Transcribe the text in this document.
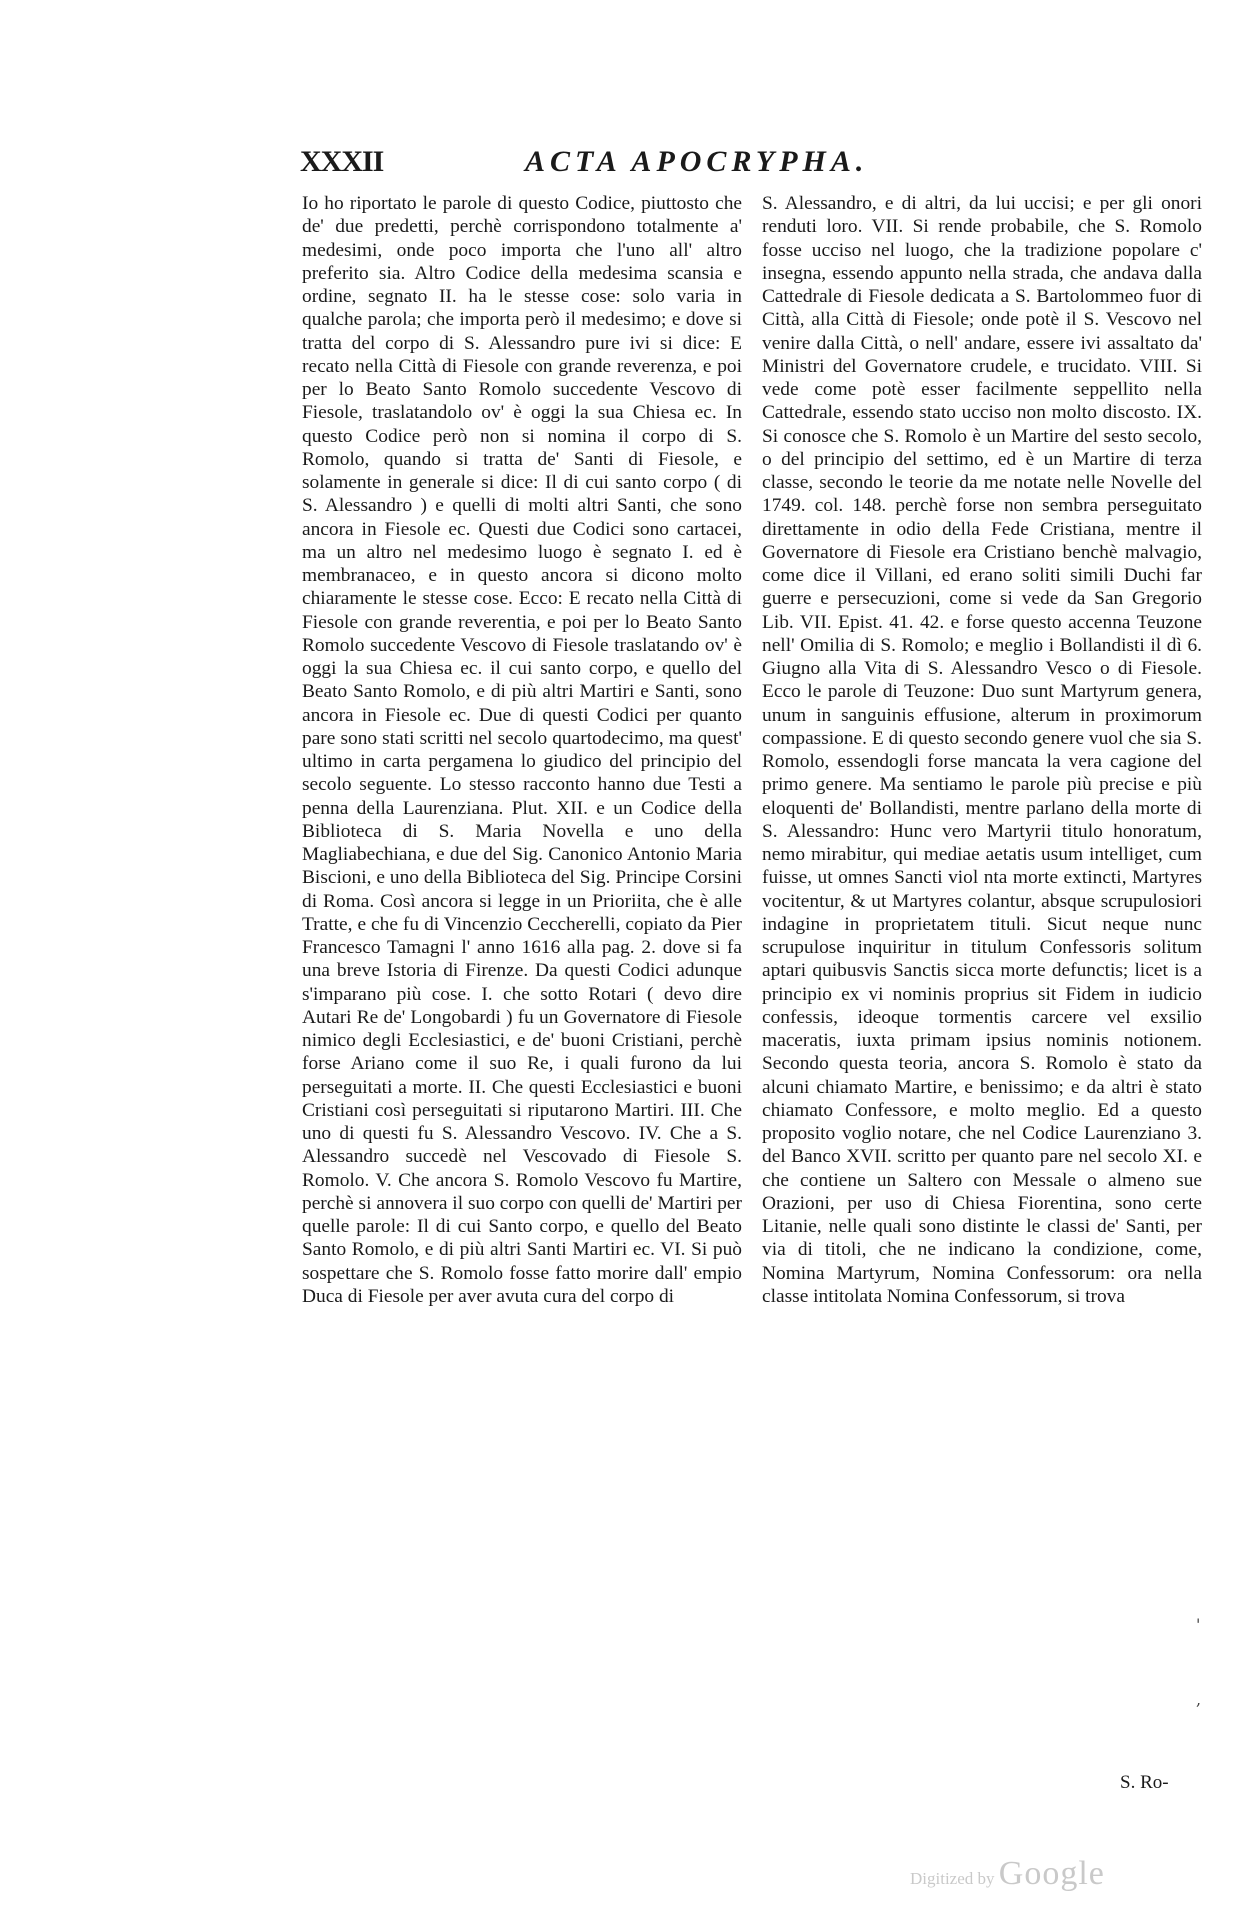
XXXII	ACTA APOCRYPHA.
Io ho riportato le parole di questo Codice, piuttosto che de' due predetti, perchè corrispondono totalmente a' medesimi, onde poco importa che l'uno all' altro preferito sia. Altro Codice della medesima scansia e ordine, segnato II. ha le stesse cose: solo varia in qualche parola; che importa però il medesimo; e dove si tratta del corpo di S. Alessandro pure ivi si dice: E recato nella Città di Fiesole con grande reverenza, e poi per lo Beato Santo Romolo succedente Vescovo di Fiesole, traslatandolo ov' è oggi la sua Chiesa ec. In questo Codice però non si nomina il corpo di S. Romolo, quando si tratta de' Santi di Fiesole, e solamente in generale si dice: Il di cui santo corpo ( di S. Alessandro ) e quelli di molti altri Santi, che sono ancora in Fiesole ec. Questi due Codici sono cartacei, ma un altro nel medesimo luogo è segnato I. ed è membranaceo, e in questo ancora si dicono molto chiaramente le stesse cose. Ecco: E recato nella Città di Fiesole con grande reverentia, e poi per lo Beato Santo Romolo succedente Vescovo di Fiesole traslatando ov' è oggi la sua Chiesa ec. il cui santo corpo, e quello del Beato Santo Romolo, e di più altri Martiri e Santi, sono ancora in Fiesole ec. Due di questi Codici per quanto pare sono stati scritti nel secolo quartodecimo, ma quest' ultimo in carta pergamena lo giudico del principio del secolo seguente. Lo stesso racconto hanno due Testi a penna della Laurenziana. Plut. XII. e un Codice della Biblioteca di S. Maria Novella e uno della Magliabechiana, e due del Sig. Canonico Antonio Maria Biscioni, e uno della Biblioteca del Sig. Principe Corsini di Roma. Così ancora si legge in un Prioriita, che è alle Tratte, e che fu di Vincenzio Ceccherelli, copiato da Pier Francesco Tamagni l' anno 1616 alla pag. 2. dove si fa una breve Istoria di Firenze. Da questi Codici adunque s'imparano più cose. I. che sotto Rotari ( devo dire Autari Re de' Longobardi ) fu un Governatore di Fiesole nimico degli Ecclesiastici, e de' buoni Cristiani, perchè forse Ariano come il suo Re, i quali furono da lui perseguitati a morte. II. Che questi Ecclesiastici e buoni Cristiani così perseguitati si riputarono Martiri. III. Che uno di questi fu S. Alessandro Vescovo. IV. Che a S. Alessandro succedè nel Vescovado di Fiesole S. Romolo. V. Che ancora S. Romolo Vescovo fu Martire, perchè si annovera il suo corpo con quelli de' Martiri per quelle parole: Il di cui Santo corpo, e quello del Beato Santo Romolo, e di più altri Santi Martiri ec. VI. Si può sospettare che S. Romolo fosse fatto morire dall' empio Duca di Fiesole per aver avuta cura del corpo di
S. Alessandro, e di altri, da lui uccisi; e per gli onori renduti loro. VII. Si rende probabile, che S. Romolo fosse ucciso nel luogo, che la tradizione popolare c' insegna, essendo appunto nella strada, che andava dalla Cattedrale di Fiesole dedicata a S. Bartolommeo fuor di Città, alla Città di Fiesole; onde potè il S. Vescovo nel venire dalla Città, o nell' andare, essere ivi assaltato da' Ministri del Governatore crudele, e trucidato. VIII. Si vede come potè esser facilmente seppellito nella Cattedrale, essendo stato ucciso non molto discosto. IX. Si conosce che S. Romolo è un Martire del sesto secolo, o del principio del settimo, ed è un Martire di terza classe, secondo le teorie da me notate nelle Novelle del 1749. col. 148. perchè forse non sembra perseguitato direttamente in odio della Fede Cristiana, mentre il Governatore di Fiesole era Cristiano benchè malvagio, come dice il Villani, ed erano soliti simili Duchi far guerre e persecuzioni, come si vede da San Gregorio Lib. VII. Epist. 41. 42. e forse questo accenna Teuzone nell' Omilia di S. Romolo; e meglio i Bollandisti il dì 6. Giugno alla Vita di S. Alessandro Vesco o di Fiesole. Ecco le parole di Teuzone: Duo sunt Martyrum genera, unum in sanguinis effusione, alterum in proximorum compassione. E di questo secondo genere vuol che sia S. Romolo, essendogli forse mancata la vera cagione del primo genere. Ma sentiamo le parole più precise e più eloquenti de' Bollandisti, mentre parlano della morte di S. Alessandro: Hunc vero Martyrii titulo honoratum, nemo mirabitur, qui mediae aetatis usum intelliget, cum fuisse, ut omnes Sancti viol nta morte extincti, Martyres vocitentur, & ut Martyres colantur, absque scrupulosiori indagine in proprietatem tituli. Sicut neque nunc scrupulose inquiritur in titulum Confessoris solitum aptari quibusvis Sanctis sicca morte defunctis; licet is a principio ex vi nominis proprius sit Fidem in iudicio confessis, ideoque tormentis carcere vel exsilio maceratis, iuxta primam ipsius nominis notionem. Secondo questa teoria, ancora S. Romolo è stato da alcuni chiamato Martire, e benissimo; e da altri è stato chiamato Confessore, e molto meglio. Ed a questo proposito voglio notare, che nel Codice Laurenziano 3. del Banco XVII. scritto per quanto pare nel secolo XI. e che contiene un Saltero con Messale o almeno sue Orazioni, per uso di Chiesa Fiorentina, sono certe Litanie, nelle quali sono distinte le classi de' Santi, per via di titoli, che ne indicano la condizione, come, Nomina Martyrum, Nomina Confessorum: ora nella classe intitolata Nomina Confessorum, si trova
S. Ro-
'
,
Digitized by Google
